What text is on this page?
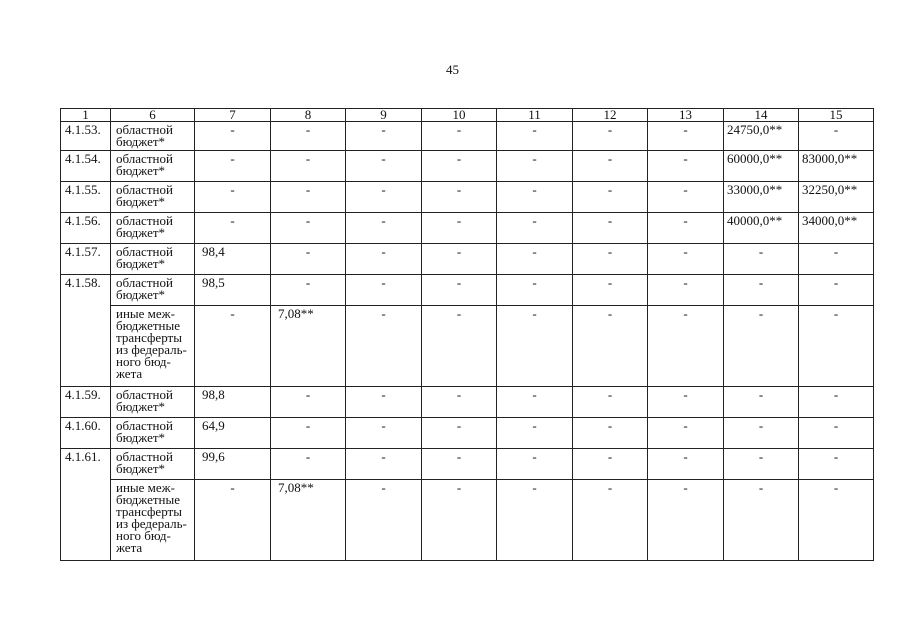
45
1	6	7	8	9	10	11	12	13	14	15
4.1.53.	областной бюджет*	-	-	-	-	-	-	-	24750,0**	-
4.1.54.	областной бюджет*	-	-	-	-	-	-	-	60000,0**	83000,0**
4.1.55.	областной бюджет*	-	-	-	-	-	-	-	33000,0**	32250,0**
4.1.56.	областной бюджет*	-	-	-	-	-	-	-	40000,0**	34000,0**
4.1.57.	областной бюджет*	98,4	-	-	-	-	-	-	-	-
4.1.58.	областной бюджет*	98,5	-	-	-	-	-	-	-	-
	иные меж-бюджетные трансферты из федераль-ного бюд-жета	-	7,08**	-	-	-	-	-	-	-
4.1.59.	областной бюджет*	98,8	-	-	-	-	-	-	-	-
4.1.60.	областной бюджет*	64,9	-	-	-	-	-	-	-	-
4.1.61.	областной бюджет*	99,6	-	-	-	-	-	-	-	-
	иные меж-бюджетные трансферты из федераль-ного бюд-жета	-	7,08**	-	-	-	-	-	-	-
